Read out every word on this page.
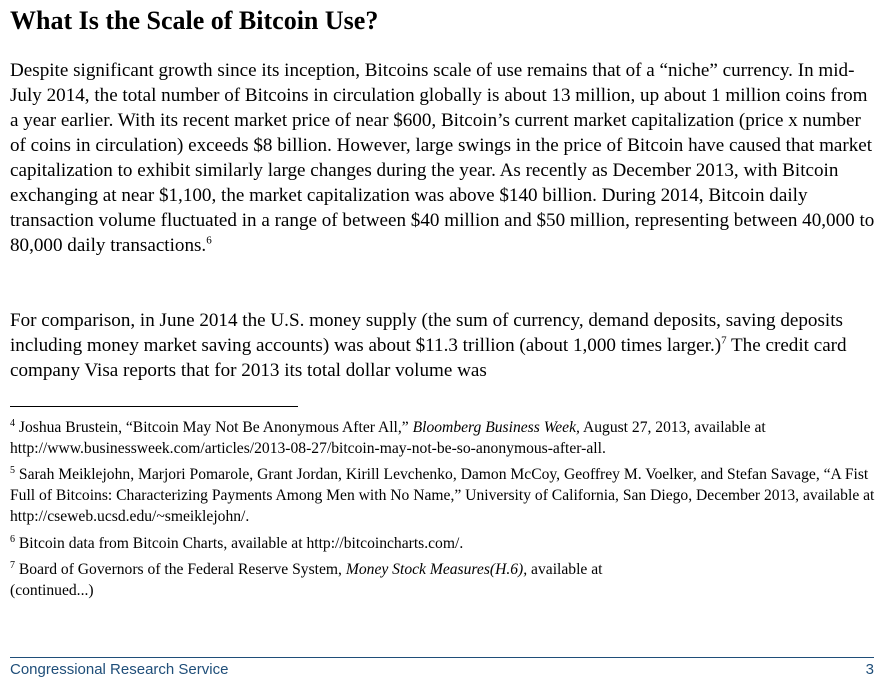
What Is the Scale of Bitcoin Use?

Despite significant growth since its inception, Bitcoins scale of use remains that of a “niche” currency. In mid-July 2014, the total number of Bitcoins in circulation globally is about 13 million, up about 1 million coins from a year earlier. With its recent market price of near $600, Bitcoin’s current market capitalization (price x number of coins in circulation) exceeds $8 billion. However, large swings in the price of Bitcoin have caused that market capitalization to exhibit similarly large changes during the year. As recently as December 2013, with Bitcoin exchanging at near $1,100, the market capitalization was above $140 billion. During 2014, Bitcoin daily transaction volume fluctuated in a range of between $40 million and $50 million, representing between 40,000 to 80,000 daily transactions.$^6$

For comparison, in June 2014 the U.S. money supply (the sum of currency, demand deposits, saving deposits including money market saving accounts) was about $11.3 trillion (about 1,000 times larger.)$^7$ The credit card company Visa reports that for 2013 its total dollar volume was

$^4$ Joshua Brustein, “Bitcoin May Not Be Anonymous After All,” Bloomberg Business Week, August 27, 2013, available at http://www.businessweek.com/articles/2013-08-27/bitcoin-may-not-be-so-anonymous-after-all.

$^5$ Sarah Meiklejohn, Marjori Pomarole, Grant Jordan, Kirill Levchenko, Damon McCoy, Geoffrey M. Voelker, and Stefan Savage, “A Fist Full of Bitcoins: Characterizing Payments Among Men with No Name,” University of California, San Diego, December 2013, available at http://cseweb.ucsd.edu/~smeiklejohn/.

$^6$ Bitcoin data from Bitcoin Charts, available at http://bitcoincharts.com/.

$^7$ Board of Governors of the Federal Reserve System, Money Stock Measures(H.6), available at
(continued...)

Congressional Research Service	3
